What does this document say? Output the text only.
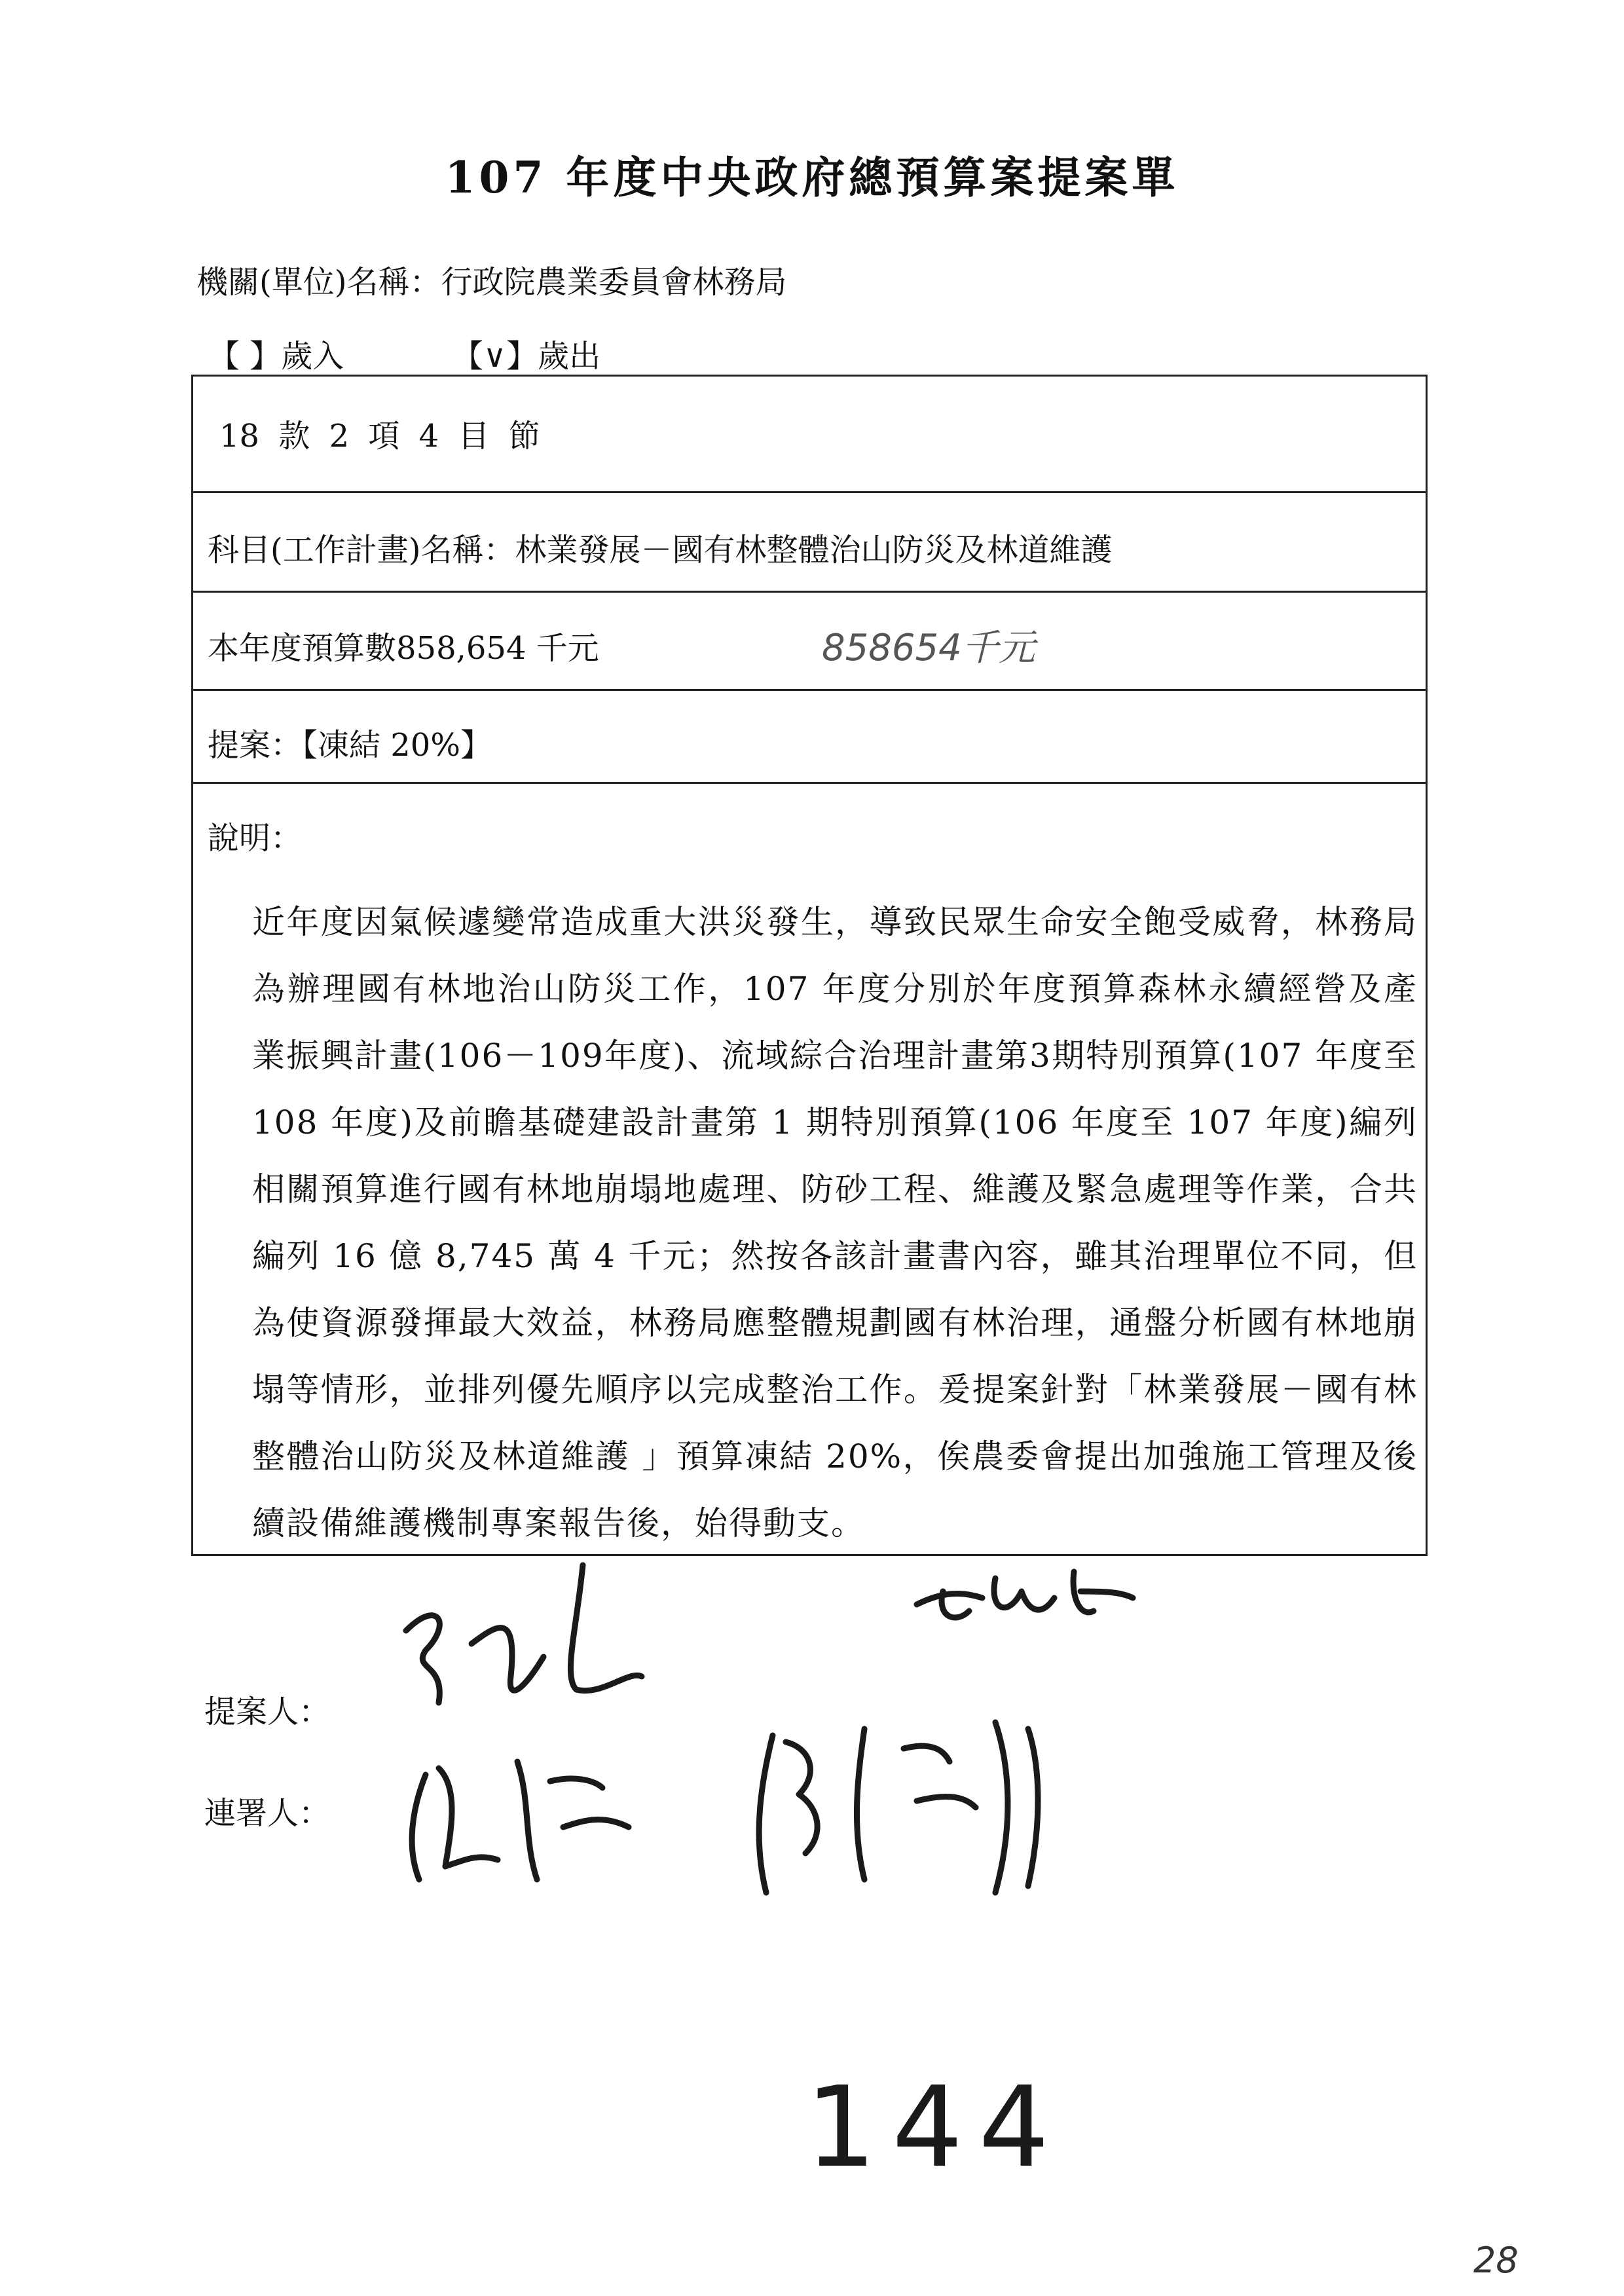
107 年度中央政府總預算案提案單
機關(單位)名稱：行政院農業委員會林務局
【 】歲入	【∨】歲出
18 款 2 項 4 目 節
科目(工作計畫)名稱：林業發展－國有林整體治山防災及林道維護
本年度預算數858,654 千元	858654千元
提案：【凍結 20%】
說明：
近年度因氣候遽變常造成重大洪災發生，導致民眾生命安全飽受威脅，林務局為辦理國有林地治山防災工作，107 年度分別於年度預算森林永續經營及產業振興計畫(106－109年度)、流域綜合治理計畫第3期特別預算(107 年度至 108 年度)及前瞻基礎建設計畫第 1 期特別預算(106 年度至 107 年度)編列相關預算進行國有林地崩塌地處理、防砂工程、維護及緊急處理等作業，合共編列 16 億 8,745 萬 4 千元；然按各該計畫書內容，雖其治理單位不同，但為使資源發揮最大效益，林務局應整體規劃國有林治理，通盤分析國有林地崩塌等情形，並排列優先順序以完成整治工作。爰提案針對「林業發展－國有林整體治山防災及林道維護 」預算凍結 20%，俟農委會提出加強施工管理及後續設備維護機制專案報告後，始得動支。
提案人：
連署人：
144
28
